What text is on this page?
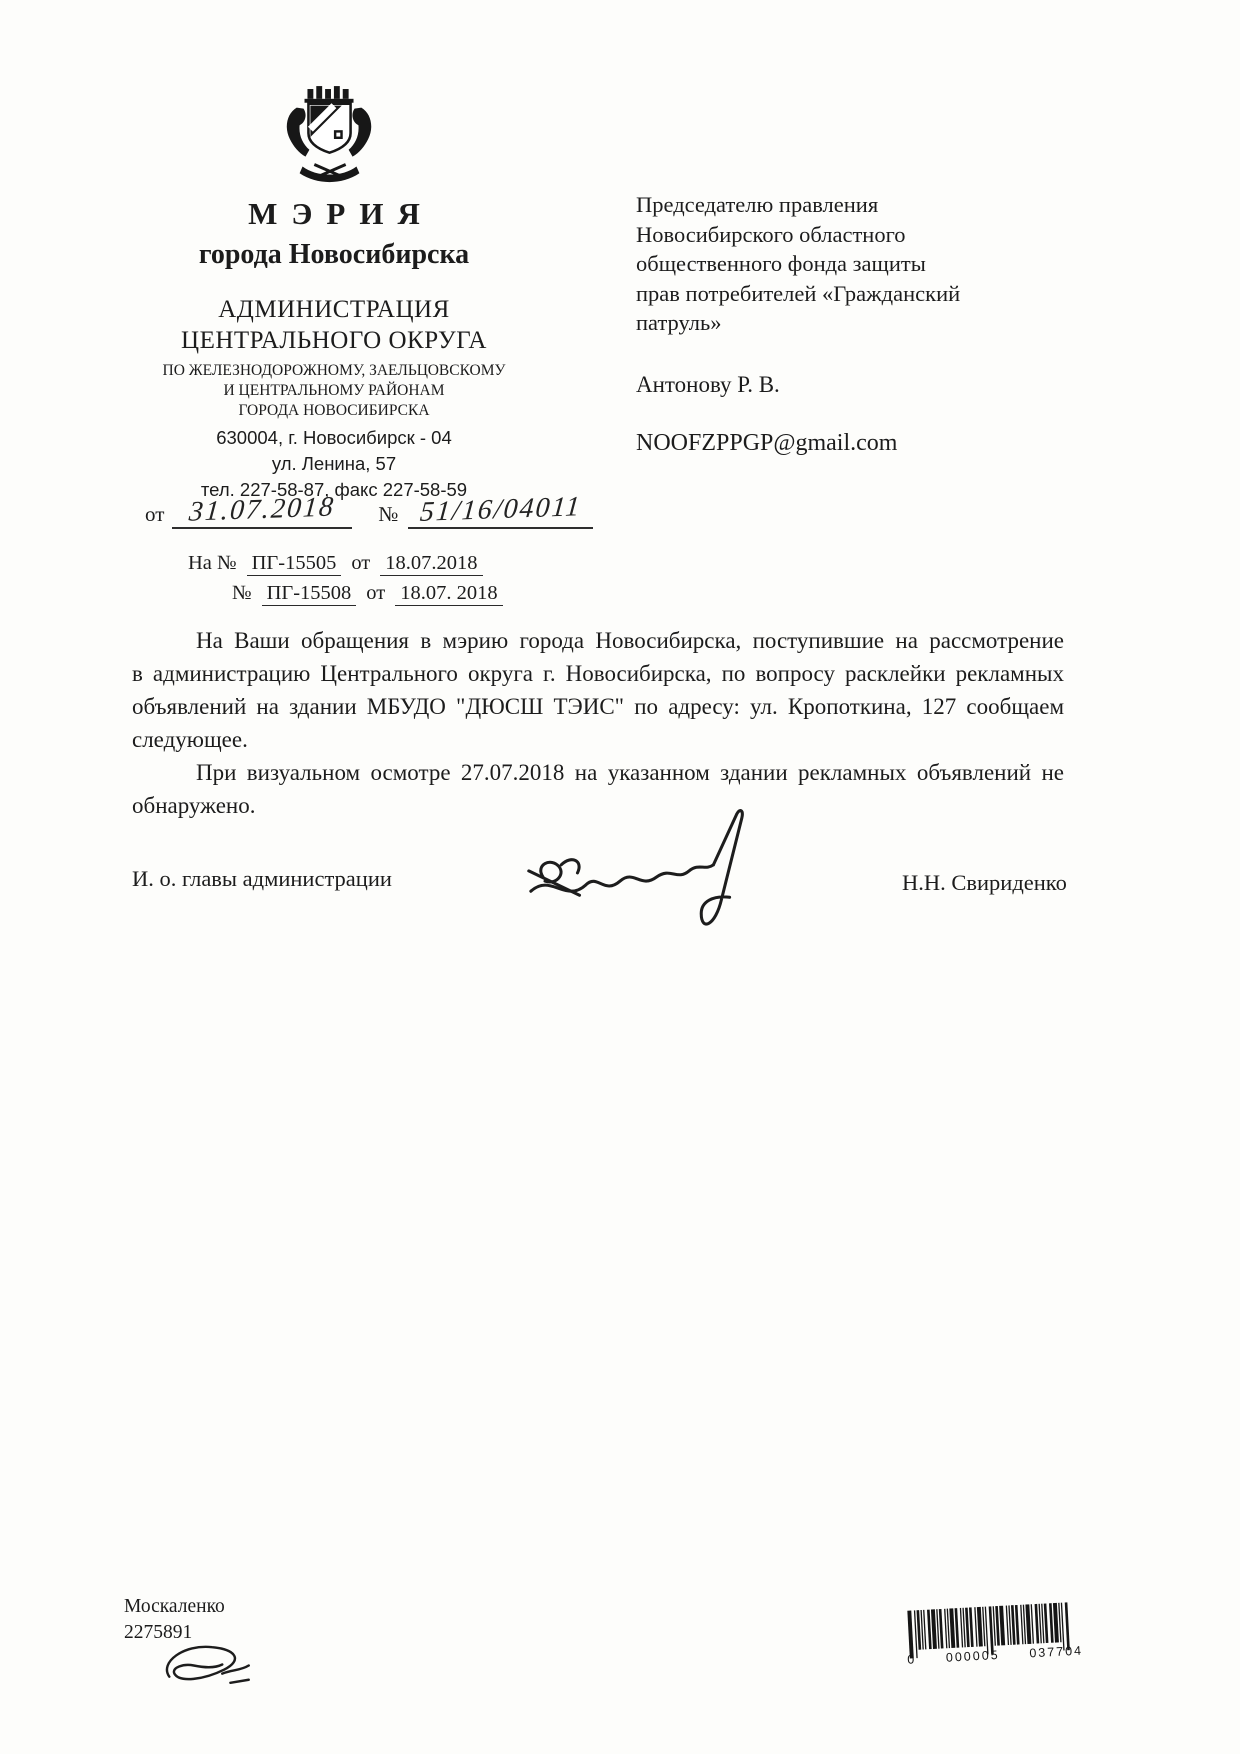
МЭРИЯ
города Новосибирска
АДМИНИСТРАЦИЯ
ЦЕНТРАЛЬНОГО ОКРУГА
ПО ЖЕЛЕЗНОДОРОЖНОМУ, ЗАЕЛЬЦОВСКОМУ
И ЦЕНТРАЛЬНОМУ РАЙОНАМ
ГОРОДА НОВОСИБИРСКА
630004, г. Новосибирск - 04
ул. Ленина, 57
тел. 227-58-87, факс 227-58-59
от 31.07.2018	№ 51/16/04011
На № ПГ-15505 от 18.07.2018
№ ПГ-15508 от 18.07. 2018
Председателю правления
Новосибирского областного
общественного фонда защиты
прав потребителей «Гражданский
патруль»
Антонову Р. В.
NOOFZPPGP@gmail.com

На Ваши обращения в мэрию города Новосибирска, поступившие на рассмотрение в администрацию Центрального округа г. Новосибирска, по вопросу расклейки рекламных объявлений на здании МБУДО "ДЮСШ ТЭИС" по адресу: ул. Кропоткина, 127 сообщаем следующее.

При визуальном осмотре 27.07.2018 на указанном здании рекламных объявлений не обнаружено.

И. о. главы администрации	Н.Н. Свириденко
Москаленко
2275891
0 000005 037704
